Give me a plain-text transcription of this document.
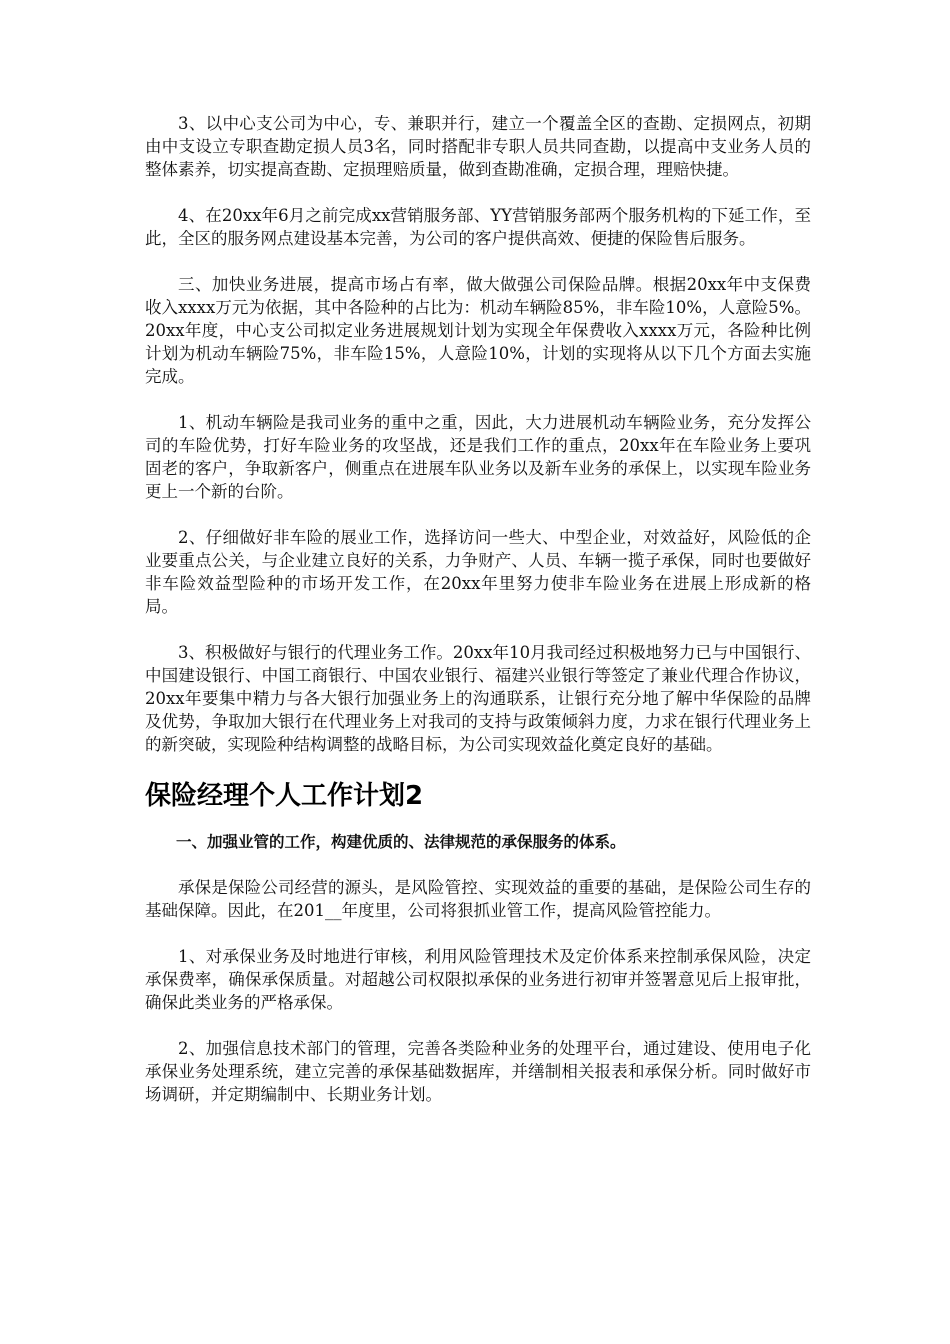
3、以中心支公司为中心，专、兼职并行，建立一个覆盖全区的查勘、定损网点，初期由中支设立专职查勘定损人员3名，同时搭配非专职人员共同查勘，以提高中支业务人员的整体素养，切实提高查勘、定损理赔质量，做到查勘准确，定损合理，理赔快捷。

4、在20xx年6月之前完成xx营销服务部、YY营销服务部两个服务机构的下延工作，至此，全区的服务网点建设基本完善，为公司的客户提供高效、便捷的保险售后服务。

三、加快业务进展，提高市场占有率，做大做强公司保险品牌。根据20xx年中支保费收入xxxx万元为依据，其中各险种的占比为：机动车辆险85%，非车险10%，人意险5%。20xx年度，中心支公司拟定业务进展规划计划为实现全年保费收入xxxx万元，各险种比例计划为机动车辆险75%，非车险15%，人意险10%，计划的实现将从以下几个方面去实施完成。

1、机动车辆险是我司业务的重中之重，因此，大力进展机动车辆险业务，充分发挥公司的车险优势，打好车险业务的攻坚战，还是我们工作的重点，20xx年在车险业务上要巩固老的客户，争取新客户，侧重点在进展车队业务以及新车业务的承保上，以实现车险业务更上一个新的台阶。

2、仔细做好非车险的展业工作，选择访问一些大、中型企业，对效益好，风险低的企业要重点公关，与企业建立良好的关系，力争财产、人员、车辆一揽子承保，同时也要做好非车险效益型险种的市场开发工作，在20xx年里努力使非车险业务在进展上形成新的格局。

3、积极做好与银行的代理业务工作。20xx年10月我司经过积极地努力已与中国银行、中国建设银行、中国工商银行、中国农业银行、福建兴业银行等签定了兼业代理合作协议，20xx年要集中精力与各大银行加强业务上的沟通联系，让银行充分地了解中华保险的品牌及优势，争取加大银行在代理业务上对我司的支持与政策倾斜力度，力求在银行代理业务上的新突破，实现险种结构调整的战略目标，为公司实现效益化奠定良好的基础。

保险经理个人工作计划2

一、加强业管的工作，构建优质的、法律规范的承保服务的体系。

承保是保险公司经营的源头，是风险管控、实现效益的重要的基础，是保险公司生存的基础保障。因此，在201__年度里，公司将狠抓业管工作，提高风险管控能力。

1、对承保业务及时地进行审核，利用风险管理技术及定价体系来控制承保风险，决定承保费率，确保承保质量。对超越公司权限拟承保的业务进行初审并签署意见后上报审批，确保此类业务的严格承保。

2、加强信息技术部门的管理，完善各类险种业务的处理平台，通过建设、使用电子化承保业务处理系统，建立完善的承保基础数据库，并缮制相关报表和承保分析。同时做好市场调研，并定期编制中、长期业务计划。
